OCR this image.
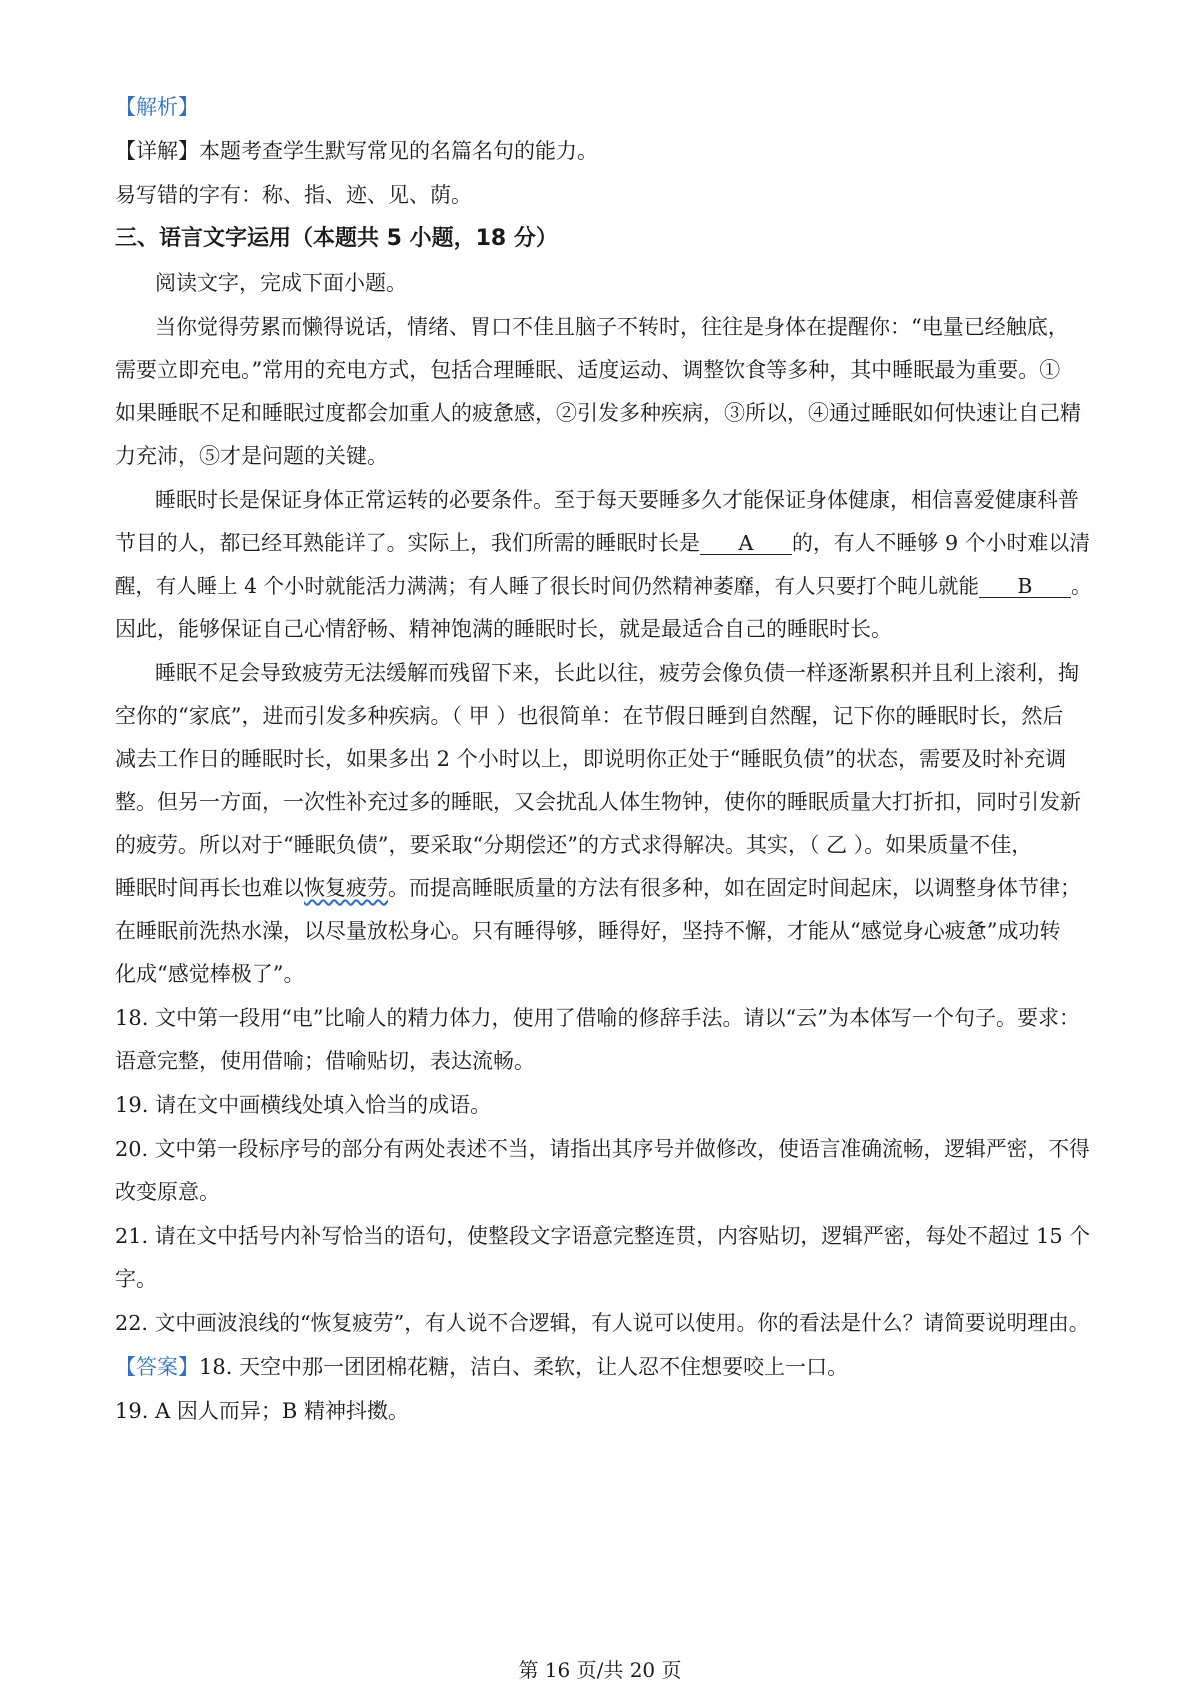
【解析】
【详解】本题考查学生默写常见的名篇名句的能力。
易写错的字有：称、指、迹、见、荫。
三、语言文字运用（本题共 5 小题，18 分）
阅读文字，完成下面小题。
当你觉得劳累而懒得说话，情绪、胃口不佳且脑子不转时，往往是身体在提醒你：“电量已经触底，
需要立即充电。”常用的充电方式，包括合理睡眠、适度运动、调整饮食等多种，其中睡眠最为重要。①
如果睡眠不足和睡眠过度都会加重人的疲惫感，②引发多种疾病，③所以，④通过睡眠如何快速让自己精
力充沛，⑤才是问题的关键。
睡眠时长是保证身体正常运转的必要条件。至于每天要睡多久才能保证身体健康，相信喜爱健康科普
节目的人，都已经耳熟能详了。实际上，我们所需的睡眠时长是 A 的，有人不睡够 9 个小时难以清
醒，有人睡上 4 个小时就能活力满满；有人睡了很长时间仍然精神萎靡，有人只要打个盹儿就能 B 。
因此，能够保证自己心情舒畅、精神饱满的睡眠时长，就是最适合自己的睡眠时长。
睡眠不足会导致疲劳无法缓解而残留下来，长此以往，疲劳会像负债一样逐渐累积并且利上滚利，掏
空你的“家底”，进而引发多种疾病。（ 甲 ）也很简单：在节假日睡到自然醒，记下你的睡眠时长，然后
减去工作日的睡眠时长，如果多出 2 个小时以上，即说明你正处于“睡眠负债”的状态，需要及时补充调
整。但另一方面，一次性补充过多的睡眠，又会扰乱人体生物钟，使你的睡眠质量大打折扣，同时引发新
的疲劳。所以对于“睡眠负债”，要采取“分期偿还”的方式求得解决。其实，（ 乙 ）。如果质量不佳，
睡眠时间再长也难以恢复疲劳。而提高睡眠质量的方法有很多种，如在固定时间起床，以调整身体节律；
在睡眠前洗热水澡，以尽量放松身心。只有睡得够，睡得好，坚持不懈，才能从“感觉身心疲惫”成功转
化成“感觉棒极了”。
18. 文中第一段用“电”比喻人的精力体力，使用了借喻的修辞手法。请以“云”为本体写一个句子。要求：
语意完整，使用借喻；借喻贴切，表达流畅。
19. 请在文中画横线处填入恰当的成语。
20. 文中第一段标序号的部分有两处表述不当，请指出其序号并做修改，使语言准确流畅，逻辑严密，不得
改变原意。
21. 请在文中括号内补写恰当的语句，使整段文字语意完整连贯，内容贴切，逻辑严密，每处不超过 15 个
字。
22. 文中画波浪线的“恢复疲劳”，有人说不合逻辑，有人说可以使用。你的看法是什么？请简要说明理由。
【答案】18. 天空中那一团团棉花糖，洁白、柔软，让人忍不住想要咬上一口。
19. A 因人而异；B 精神抖擞。
第 16 页/共 20 页
